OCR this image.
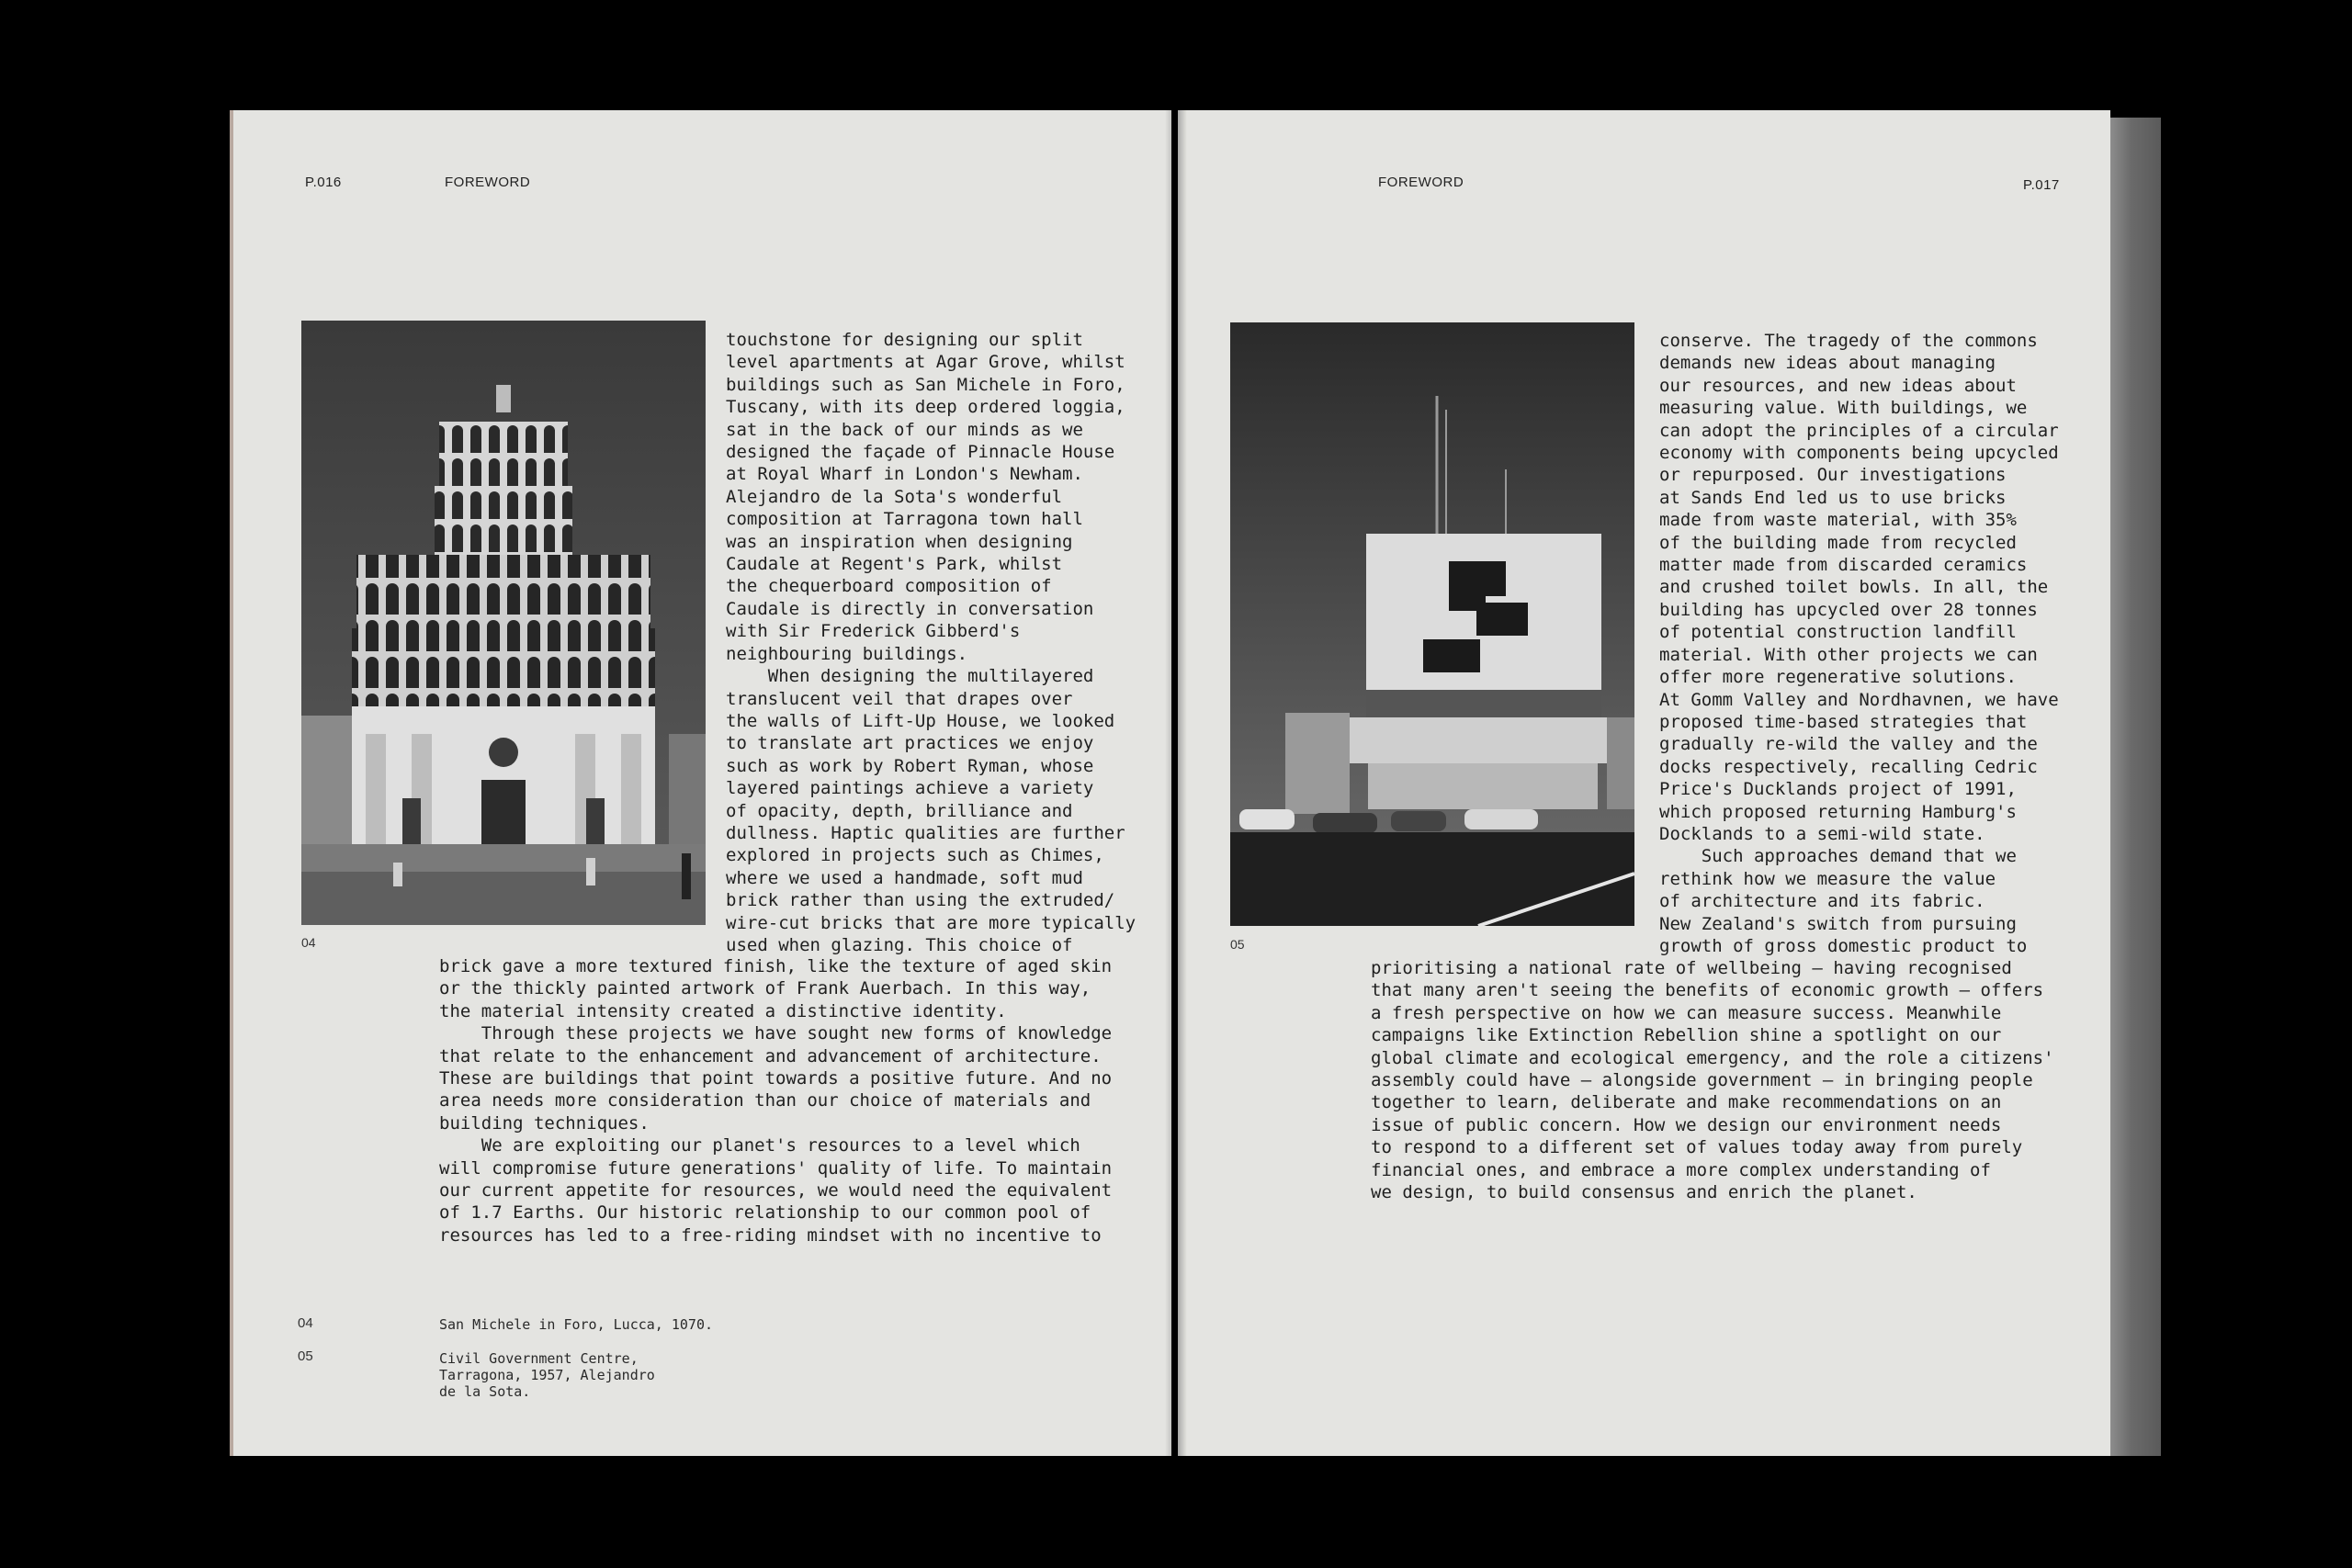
P.016	FOREWORD
04
touchstone for designing our split
level apartments at Agar Grove, whilst
buildings such as San Michele in Foro,
Tuscany, with its deep ordered loggia,
sat in the back of our minds as we
designed the façade of Pinnacle House
at Royal Wharf in London's Newham.
Alejandro de la Sota's wonderful
composition at Tarragona town hall
was an inspiration when designing
Caudale at Regent's Park, whilst
the chequerboard composition of
Caudale is directly in conversation
with Sir Frederick Gibberd's
neighbouring buildings.
When designing the multilayered
translucent veil that drapes over
the walls of Lift-Up House, we looked
to translate art practices we enjoy
such as work by Robert Ryman, whose
layered paintings achieve a variety
of opacity, depth, brilliance and
dullness. Haptic qualities are further
explored in projects such as Chimes,
where we used a handmade, soft mud
brick rather than using the extruded/
wire-cut bricks that are more typically
used when glazing. This choice of
brick gave a more textured finish, like the texture of aged skin
or the thickly painted artwork of Frank Auerbach. In this way,
the material intensity created a distinctive identity.
Through these projects we have sought new forms of knowledge
that relate to the enhancement and advancement of architecture.
These are buildings that point towards a positive future. And no
area needs more consideration than our choice of materials and
building techniques.
We are exploiting our planet's resources to a level which
will compromise future generations' quality of life. To maintain
our current appetite for resources, we would need the equivalent
of 1.7 Earths. Our historic relationship to our common pool of
resources has led to a free-riding mindset with no incentive to
04	San Michele in Foro, Lucca, 1070.
05	Civil Government Centre,
Tarragona, 1957, Alejandro
de la Sota.
FOREWORD	P.017
05
conserve. The tragedy of the commons
demands new ideas about managing
our resources, and new ideas about
measuring value. With buildings, we
can adopt the principles of a circular
economy with components being upcycled
or repurposed. Our investigations
at Sands End led us to use bricks
made from waste material, with 35%
of the building made from recycled
matter made from discarded ceramics
and crushed toilet bowls. In all, the
building has upcycled over 28 tonnes
of potential construction landfill
material. With other projects we can
offer more regenerative solutions.
At Gomm Valley and Nordhavnen, we have
proposed time-based strategies that
gradually re-wild the valley and the
docks respectively, recalling Cedric
Price's Ducklands project of 1991,
which proposed returning Hamburg's
Docklands to a semi-wild state.
Such approaches demand that we
rethink how we measure the value
of architecture and its fabric.
New Zealand's switch from pursuing
growth of gross domestic product to
prioritising a national rate of wellbeing – having recognised
that many aren't seeing the benefits of economic growth – offers
a fresh perspective on how we can measure success. Meanwhile
campaigns like Extinction Rebellion shine a spotlight on our
global climate and ecological emergency, and the role a citizens'
assembly could have – alongside government – in bringing people
together to learn, deliberate and make recommendations on an
issue of public concern. How we design our environment needs
to respond to a different set of values today away from purely
financial ones, and embrace a more complex understanding of
we design, to build consensus and enrich the planet.
